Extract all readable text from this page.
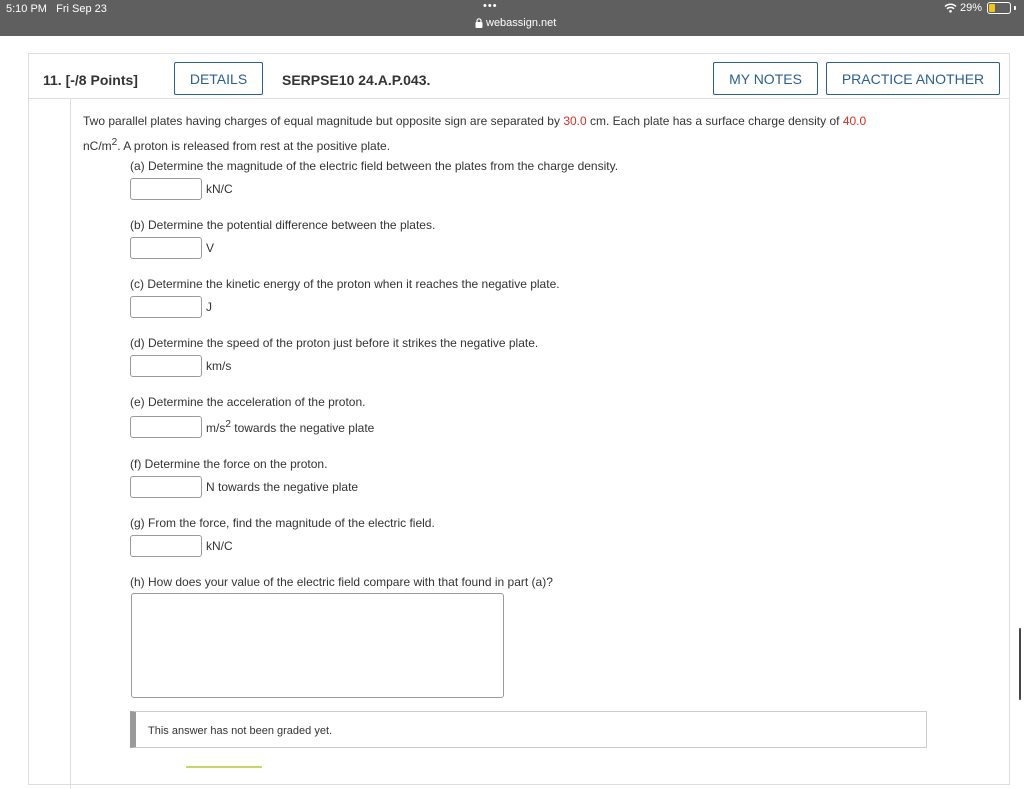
5:10 PM Fri Sep 23	•••
webassign.net
29%
11. [-/8 Points]	DETAILS	SERPSE10 24.A.P.043.	MY NOTES	PRACTICE ANOTHER
Two parallel plates having charges of equal magnitude but opposite sign are separated by 30.0 cm. Each plate has a surface charge density of 40.0
$nC/m^2$. A proton is released from rest at the positive plate.
(a) Determine the magnitude of the electric field between the plates from the charge density.
kN/C
(b) Determine the potential difference between the plates.
V
(c) Determine the kinetic energy of the proton when it reaches the negative plate.
J
(d) Determine the speed of the proton just before it strikes the negative plate.
km/s
(e) Determine the acceleration of the proton.
$m/s^2$ towards the negative plate
(f) Determine the force on the proton.
N towards the negative plate
(g) From the force, find the magnitude of the electric field.
kN/C
(h) How does your value of the electric field compare with that found in part (a)?
This answer has not been graded yet.
